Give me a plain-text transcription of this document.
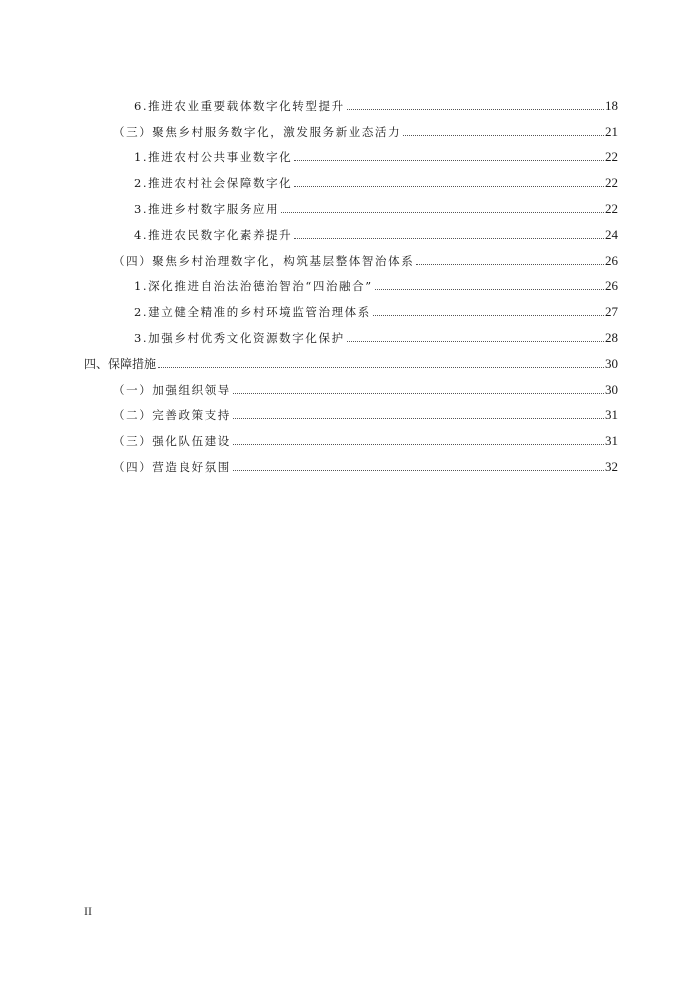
6.推进农业重要载体数字化转型提升	18
（三）聚焦乡村服务数字化，激发服务新业态活力	21
1.推进农村公共事业数字化	22
2.推进农村社会保障数字化	22
3.推进乡村数字服务应用	22
4.推进农民数字化素养提升	24
（四）聚焦乡村治理数字化，构筑基层整体智治体系	26
1.深化推进自治法治德治智治“四治融合”	26
2.建立健全精准的乡村环境监管治理体系	27
3.加强乡村优秀文化资源数字化保护	28
四、保障措施	30
（一）加强组织领导	30
（二）完善政策支持	31
（三）强化队伍建设	31
（四）营造良好氛围	32
II
